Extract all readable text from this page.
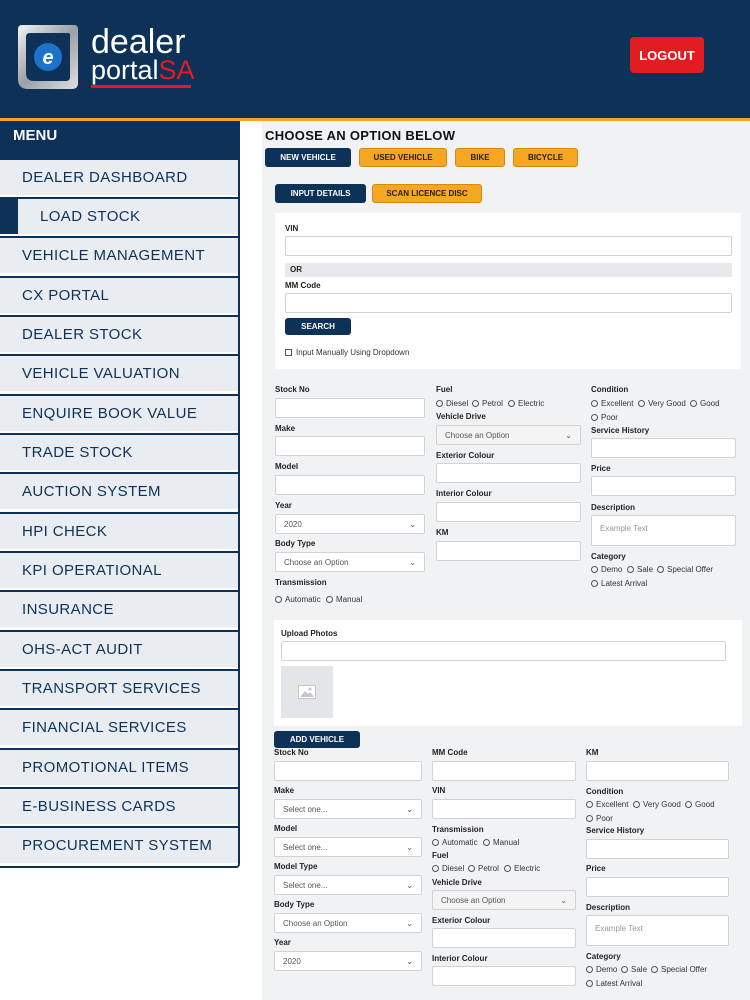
e dealer
portalSA	LOGOUT
MENU
DEALER DASHBOARD
LOAD STOCK
VEHICLE MANAGEMENT
CX PORTAL
DEALER STOCK
VEHICLE VALUATION
ENQUIRE BOOK VALUE
TRADE STOCK
AUCTION SYSTEM
HPI CHECK
KPI OPERATIONAL
INSURANCE
OHS-ACT AUDIT
TRANSPORT SERVICES
FINANCIAL SERVICES
PROMOTIONAL ITEMS
E-BUSINESS CARDS
PROCUREMENT SYSTEM
CHOOSE AN OPTION BELOW
NEW VEHICLE	USED VEHICLE	BIKE	BICYCLE
INPUT DETAILS	SCAN LICENCE DISC
VIN
OR
MM Code
SEARCH
Input Manually Using Dropdown
Stock No
Make
Model
Year
2020	⌄
Body Type
Choose an Option	⌄
Transmission
Automatic Manual
Fuel
Diesel Petrol Electric
Vehicle Drive
Choose an Option	⌄
Exterior Colour
Interior Colour
KM
Condition
Excellent Very Good Good
Poor
Service History
Price
Description
Example Text
Category
Demo Sale Special Offer
Latest Arrival
Upload Photos
ADD VEHICLE
Stock No
Make
Select one...	⌄
Model
Select one...	⌄
Model Type
Select one...	⌄
Body Type
Choose an Option	⌄
Year
2020	⌄
MM Code
VIN
Transmission
Automatic Manual
Fuel
Diesel Petrol Electric
Vehicle Drive
Choose an Option	⌄
Exterior Colour
Interior Colour
KM
Condition
Excellent Very Good Good
Poor
Service History
Price
Description
Example Text
Category
Demo Sale Special Offer
Latest Arrival
